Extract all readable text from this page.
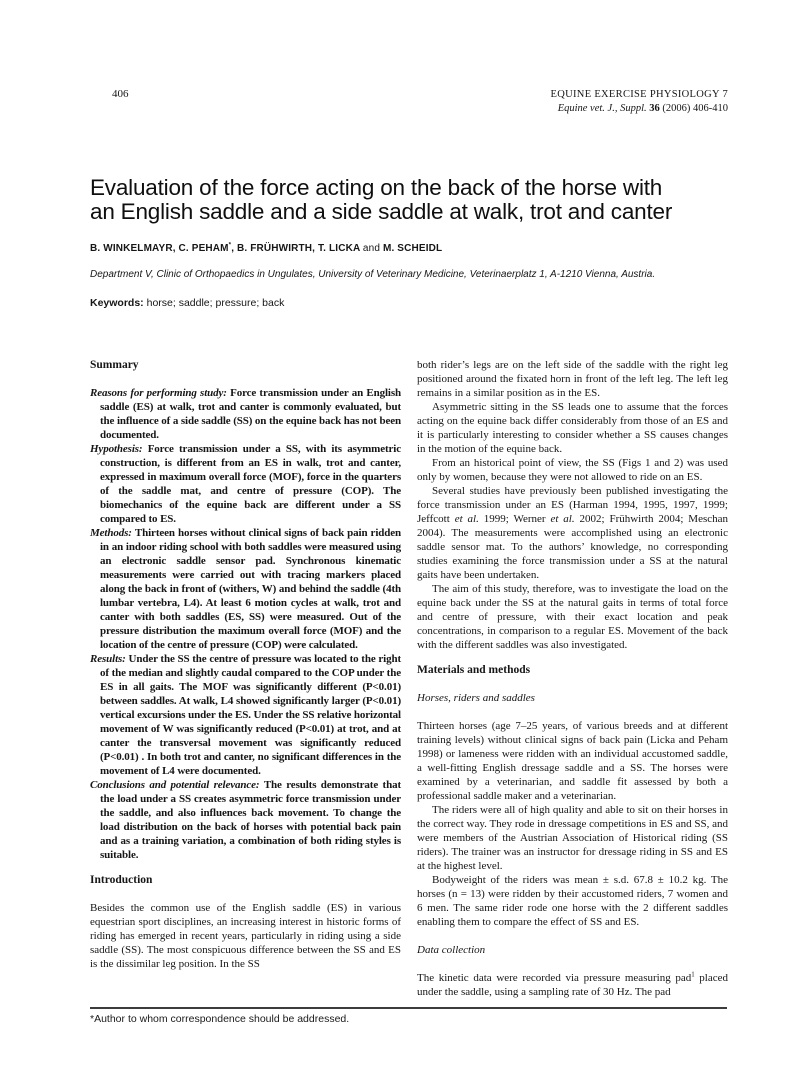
406	EQUINE EXERCISE PHYSIOLOGY 7
Equine vet. J., Suppl. 36 (2006) 406-410
Evaluation of the force acting on the back of the horse with
an English saddle and a side saddle at walk, trot and canter
B. WINKELMAYR, C. PEHAM*, B. FRÜHWIRTH, T. LICKA and M. SCHEIDL
Department V, Clinic of Orthopaedics in Ungulates, University of Veterinary Medicine, Veterinaerplatz 1, A-1210 Vienna, Austria.
Keywords: horse; saddle; pressure; back
Summary

Reasons for performing study: Force transmission under an English saddle (ES) at walk, trot and canter is commonly evaluated, but the influence of a side saddle (SS) on the equine back has not been documented.

Hypothesis: Force transmission under a SS, with its asymmetric construction, is different from an ES in walk, trot and canter, expressed in maximum overall force (MOF), force in the quarters of the saddle mat, and centre of pressure (COP). The biomechanics of the equine back are different under a SS compared to ES.

Methods: Thirteen horses without clinical signs of back pain ridden in an indoor riding school with both saddles were measured using an electronic saddle sensor pad. Synchronous kinematic measurements were carried out with tracing markers placed along the back in front of (withers, W) and behind the saddle (4th lumbar vertebra, L4). At least 6 motion cycles at walk, trot and canter with both saddles (ES, SS) were measured. Out of the pressure distribution the maximum overall force (MOF) and the location of the centre of pressure (COP) were calculated.

Results: Under the SS the centre of pressure was located to the right of the median and slightly caudal compared to the COP under the ES in all gaits. The MOF was significantly different (P<0.01) between saddles. At walk, L4 showed significantly larger (P<0.01) vertical excursions under the ES. Under the SS relative horizontal movement of W was significantly reduced (P<0.01) at trot, and at canter the transversal movement was significantly reduced (P<0.01) . In both trot and canter, no significant differences in the movement of L4 were documented.

Conclusions and potential relevance: The results demonstrate that the load under a SS creates asymmetric force transmission under the saddle, and also influences back movement. To change the load distribution on the back of horses with potential back pain and as a training variation, a combination of both riding styles is suitable.

Introduction

Besides the common use of the English saddle (ES) in various equestrian sport disciplines, an increasing interest in historic forms of riding has emerged in recent years, particularly in riding using a side saddle (SS). The most conspicuous difference between the SS and ES is the dissimilar leg position. In the SS

both rider’s legs are on the left side of the saddle with the right leg positioned around the fixated horn in front of the left leg. The left leg remains in a similar position as in the ES.

Asymmetric sitting in the SS leads one to assume that the forces acting on the equine back differ considerably from those of an ES and it is particularly interesting to consider whether a SS causes changes in the motion of the equine back.

From an historical point of view, the SS (Figs 1 and 2) was used only by women, because they were not allowed to ride on an ES.

Several studies have previously been published investigating the force transmission under an ES (Harman 1994, 1995, 1997, 1999; Jeffcott et al. 1999; Werner et al. 2002; Frühwirth 2004; Meschan 2004). The measurements were accomplished using an electronic saddle sensor mat. To the authors’ knowledge, no corresponding studies examining the force transmission under a SS at the natural gaits have been undertaken.

The aim of this study, therefore, was to investigate the load on the equine back under the SS at the natural gaits in terms of total force and centre of pressure, with their exact location and peak concentrations, in comparison to a regular ES. Movement of the back with the different saddles was also investigated.

Materials and methods
Horses, riders and saddles

Thirteen horses (age 7–25 years, of various breeds and at different training levels) without clinical signs of back pain (Licka and Peham 1998) or lameness were ridden with an individual accustomed saddle, a well-fitting English dressage saddle and a SS. The horses were examined by a veterinarian, and saddle fit assessed by both a professional saddle maker and a veterinarian.

The riders were all of high quality and able to sit on their horses in the correct way. They rode in dressage competitions in ES and SS, and were members of the Austrian Association of Historical riding (SS riders). The trainer was an instructor for dressage riding in SS and ES at the highest level.

Bodyweight of the riders was mean ± s.d. 67.8 ± 10.2 kg. The horses (n = 13) were ridden by their accustomed riders, 7 women and 6 men. The same rider rode one horse with the 2 different saddles enabling them to compare the effect of SS and ES.

Data collection

The kinetic data were recorded via pressure measuring pad$^1$ placed under the saddle, using a sampling rate of 30 Hz. The pad

*Author to whom correspondence should be addressed.
